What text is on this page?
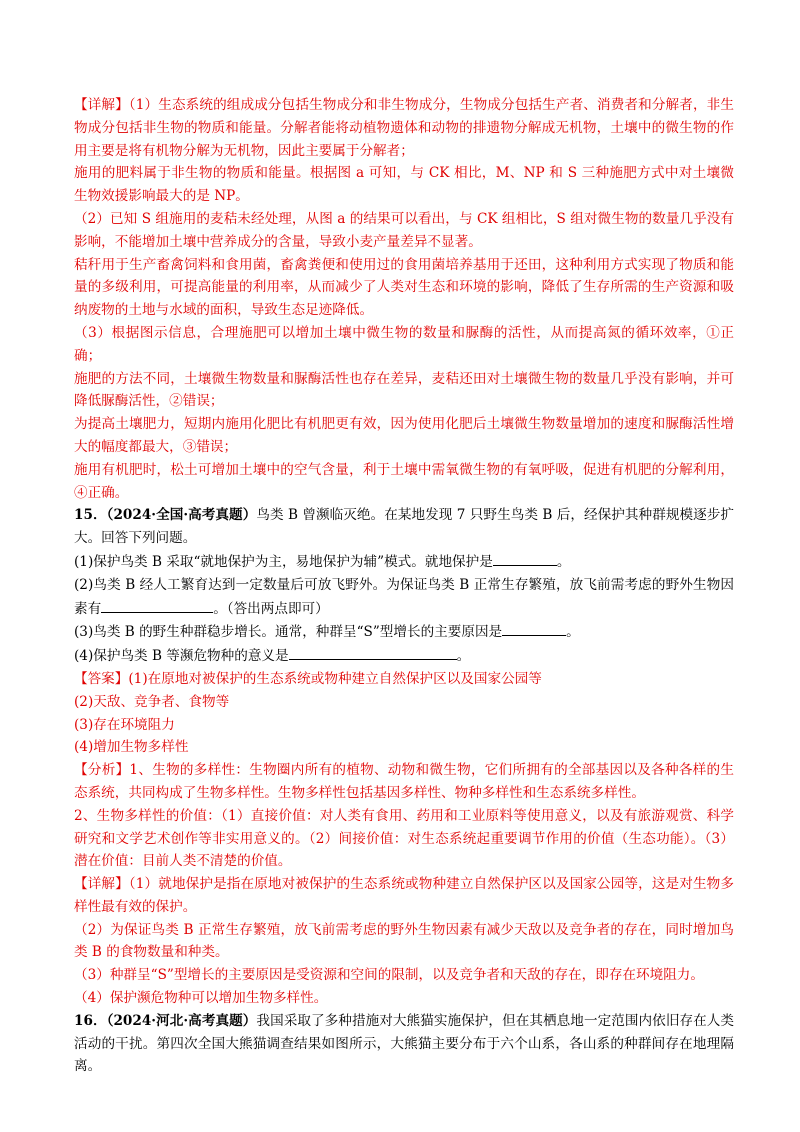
【详解】（1）生态系统的组成成分包括生物成分和非生物成分，生物成分包括生产者、消费者和分解者，非生物成分包括非生物的物质和能量。分解者能将动植物遗体和动物的排遗物分解成无机物，土壤中的微生物的作用主要是将有机物分解为无机物，因此主要属于分解者；

施用的肥料属于非生物的物质和能量。根据图 a 可知，与 CK 相比，M、NP 和 S 三种施肥方式中对土壤微生物效援影响最大的是 NP。

（2）已知 S 组施用的麦秸未经处理，从图 a 的结果可以看出，与 CK 组相比，S 组对微生物的数量几乎没有影响，不能增加土壤中营养成分的含量，导致小麦产量差异不显著。

秸秆用于生产畜禽饲料和食用菌，畜禽粪便和使用过的食用菌培养基用于还田，这种利用方式实现了物质和能量的多级利用，可提高能量的利用率，从而减少了人类对生态和环境的影响，降低了生存所需的生产资源和吸纳废物的土地与水域的面积，导致生态足迹降低。

（3）根据图示信息，合理施肥可以增加土壤中微生物的数量和脲酶的活性，从而提高氮的循环效率，①正确；

施肥的方法不同，土壤微生物数量和脲酶活性也存在差异，麦秸还田对土壤微生物的数量几乎没有影响，并可降低脲酶活性，②错误；

为提高土壤肥力，短期内施用化肥比有机肥更有效，因为使用化肥后土壤微生物数量增加的速度和脲酶活性增大的幅度都最大，③错误；

施用有机肥时，松土可增加土壤中的空气含量，利于土壤中需氧微生物的有氧呼吸，促进有机肥的分解利用，④正确。

15．（2024·全国·高考真题）鸟类 B 曾濒临灭绝。在某地发现 7 只野生鸟类 B 后，经保护其种群规模逐步扩大。回答下列问题。

(1)保护鸟类 B 采取“就地保护为主，易地保护为辅”模式。就地保护是	。

(2)鸟类 B 经人工繁育达到一定数量后可放飞野外。为保证鸟类 B 正常生存繁殖，放飞前需考虑的野外生物因素有	。（答出两点即可）

(3)鸟类 B 的野生种群稳步增长。通常，种群呈“S”型增长的主要原因是	。

(4)保护鸟类 B 等濒危物种的意义是	。

【答案】(1)在原地对被保护的生态系统或物种建立自然保护区以及国家公园等

(2)天敌、竞争者、食物等

(3)存在环境阻力

(4)增加生物多样性

【分析】1、生物的多样性：生物圈内所有的植物、动物和微生物，它们所拥有的全部基因以及各种各样的生态系统，共同构成了生物多样性。生物多样性包括基因多样性、物种多样性和生态系统多样性。

2、生物多样性的价值：（1）直接价值：对人类有食用、药用和工业原料等使用意义，以及有旅游观赏、科学研究和文学艺术创作等非实用意义的。（2）间接价值：对生态系统起重要调节作用的价值（生态功能）。（3）潜在价值：目前人类不清楚的价值。

【详解】（1）就地保护是指在原地对被保护的生态系统或物种建立自然保护区以及国家公园等，这是对生物多样性最有效的保护。

（2）为保证鸟类 B 正常生存繁殖，放飞前需考虑的野外生物因素有减少天敌以及竞争者的存在，同时增加鸟类 B 的食物数量和种类。

（3）种群呈“S”型增长的主要原因是受资源和空间的限制，以及竞争者和天敌的存在，即存在环境阻力。

（4）保护濒危物种可以增加生物多样性。

16．（2024·河北·高考真题）我国采取了多种措施对大熊猫实施保护，但在其栖息地一定范围内依旧存在人类活动的干扰。第四次全国大熊猫调查结果如图所示，大熊猫主要分布于六个山系，各山系的种群间存在地理隔离。
